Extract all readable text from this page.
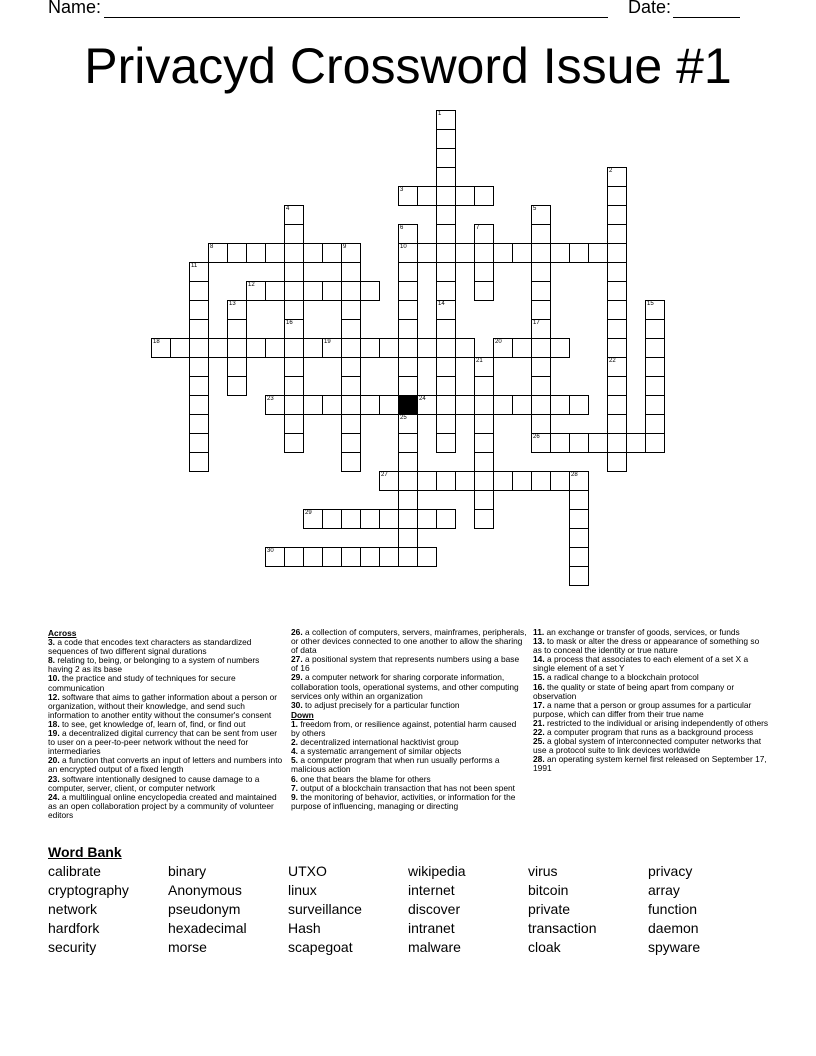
Name:	Date:
Privacyd Crossword Issue #1
1
2
3
4
16
5
6
10
25
7
8	9
11
12
13	14	15
17
26
18	19	20
21	22
23	24
27	28
29
30
Across

3. a code that encodes text characters as standardized sequences of two different signal durations

8. relating to, being, or belonging to a system of numbers having 2 as its base

10. the practice and study of techniques for secure communication

12. software that aims to gather information about a person or organization, without their knowledge, and send such information to another entity without the consumer's consent

18. to see, get knowledge of, learn of, find, or find out

19. a decentralized digital currency that can be sent from user to user on a peer-to-peer network without the need for intermediaries

20. a function that converts an input of letters and numbers into an encrypted output of a fixed length

23. software intentionally designed to cause damage to a computer, server, client, or computer network

24. a multilingual online encyclopedia created and maintained as an open collaboration project by a community of volunteer editors

26. a collection of computers, servers, mainframes, peripherals, or other devices connected to one another to allow the sharing of data

27. a positional system that represents numbers using a base of 16

29. a computer network for sharing corporate information, collaboration tools, operational systems, and other computing services only within an organization

30. to adjust precisely for a particular function

Down

1. freedom from, or resilience against, potential harm caused by others

2. decentralized international hacktivist group

4. a systematic arrangement of similar objects

5. a computer program that when run usually performs a malicious action

6. one that bears the blame for others

7. output of a blockchain transaction that has not been spent

9. the monitoring of behavior, activities, or information for the purpose of influencing, managing or directing

11. an exchange or transfer of goods, services, or funds

13. to mask or alter the dress or appearance of something so as to conceal the identity or true nature

14. a process that associates to each element of a set X a single element of a set Y

15. a radical change to a blockchain protocol

16. the quality or state of being apart from company or observation

17. a name that a person or group assumes for a particular purpose, which can differ from their true name

21. restricted to the individual or arising independently of others

22. a computer program that runs as a background process

25. a global system of interconnected computer networks that use a protocol suite to link devices worldwide

28. an operating system kernel first released on September 17, 1991

Word Bank
calibrate	binary	UTXO	wikipedia	virus	privacy
cryptography	Anonymous	linux	internet	bitcoin	array
network	pseudonym	surveillance	discover	private	function
hardfork	hexadecimal	Hash	intranet	transaction	daemon
security	morse	scapegoat	malware	cloak	spyware
